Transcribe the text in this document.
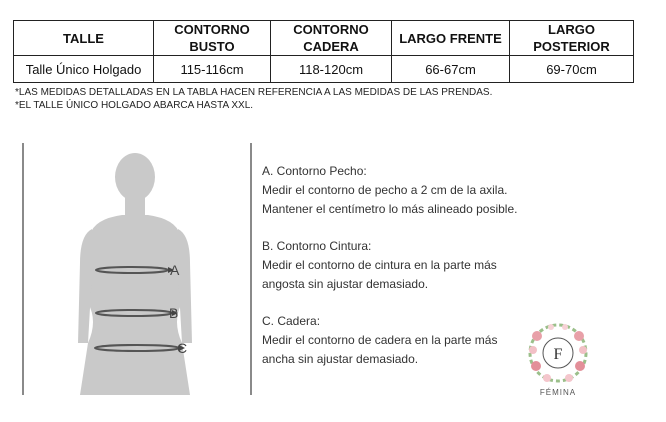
TALLE	CONTORNO BUSTO	CONTORNO CADERA	LARGO FRENTE	LARGO POSTERIOR
Talle Único Holgado	115-116cm	118-120cm	66-67cm	69-70cm
*LAS MEDIDAS DETALLADAS EN LA TABLA HACEN REFERENCIA A LAS MEDIDAS DE LAS PRENDAS.
*EL TALLE ÚNICO HOLGADO ABARCA HASTA XXL.
A
B
C

A. Contorno Pecho:

Medir el contorno de pecho a 2 cm de la axila.

Mantener el centímetro lo más alineado posible.

B. Contorno Cintura:

Medir el contorno de cintura en la parte más

angosta sin ajustar demasiado.

C. Cadera:

Medir el contorno de cadera en la parte más

ancha sin ajustar demasiado.	F
FÉMINA
